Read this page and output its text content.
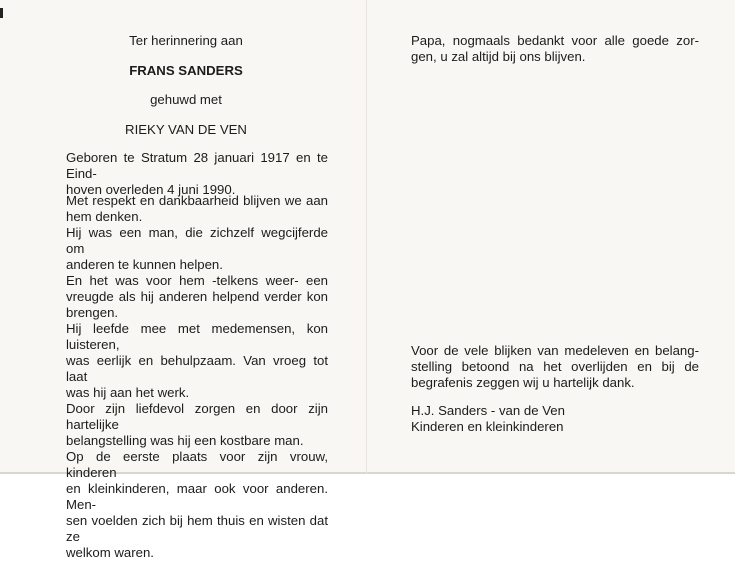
Ter herinnering aan

FRANS SANDERS

gehuwd met

RIEKY VAN DE VEN

Geboren te Stratum 28 januari 1917 en te Eind-
hoven overleden 4 juni 1990.
Met respekt en dankbaarheid blijven we aan
hem denken.
Hij was een man, die zichzelf wegcijferde om
anderen te kunnen helpen.
En het was voor hem -telkens weer- een
vreugde als hij anderen helpend verder kon
brengen.
Hij leefde mee met medemensen, kon luisteren,
was eerlijk en behulpzaam. Van vroeg tot laat
was hij aan het werk.
Door zijn liefdevol zorgen en door zijn hartelijke
belangstelling was hij een kostbare man.
Op de eerste plaats voor zijn vrouw, kinderen
en kleinkinderen, maar ook voor anderen. Men-
sen voelden zich bij hem thuis en wisten dat ze
welkom waren.
Papa, nogmaals bedankt voor alle goede zor-
gen, u zal altijd bij ons blijven.
Voor de vele blijken van medeleven en belang-
stelling betoond na het overlijden en bij de
begrafenis zeggen wij u hartelijk dank.
H.J. Sanders - van de Ven
Kinderen en kleinkinderen
